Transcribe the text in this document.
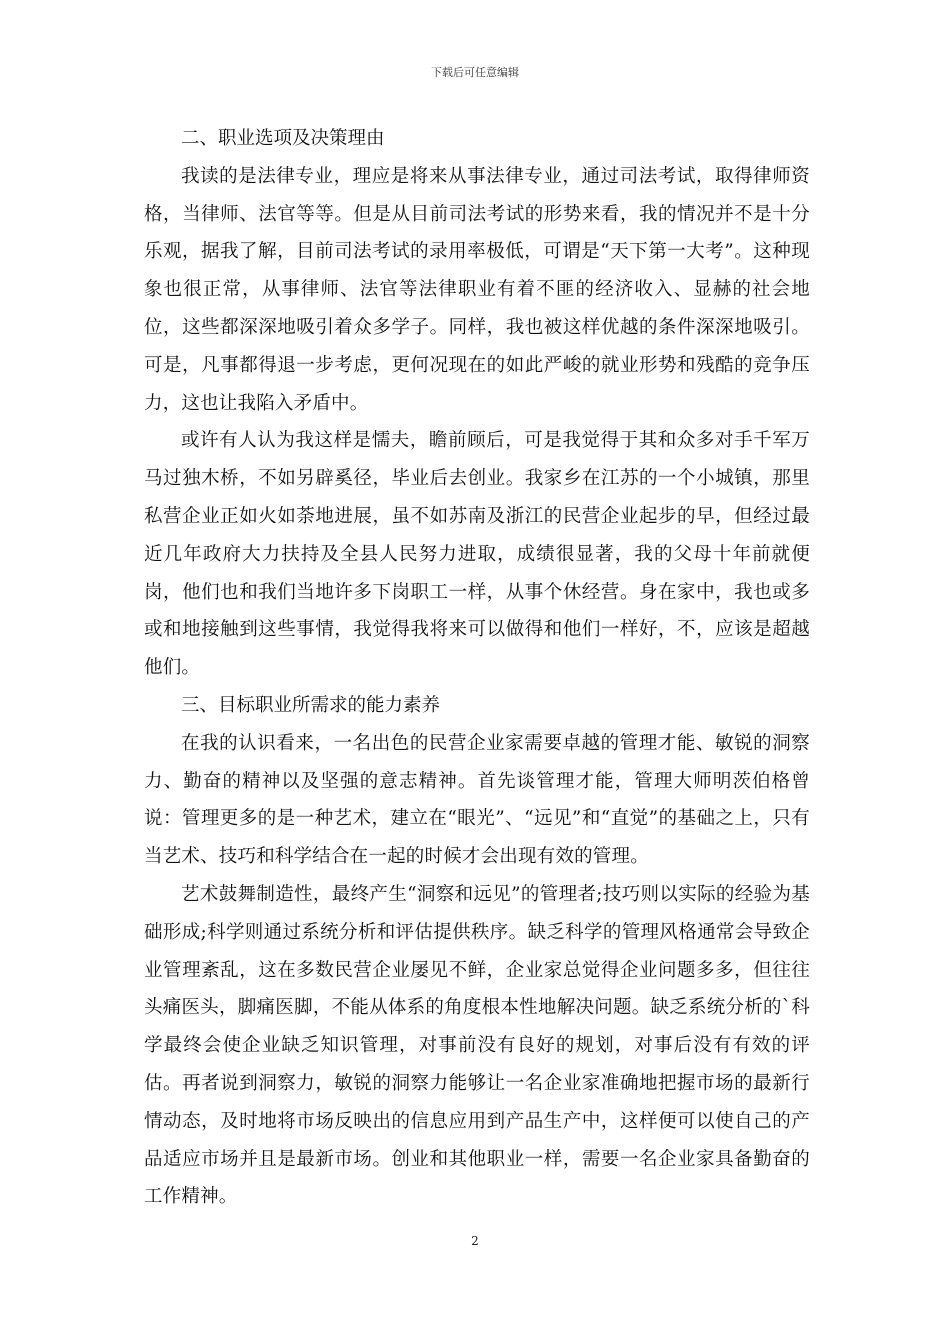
下载后可任意编辑

二、职业选项及决策理由

我读的是法律专业，理应是将来从事法律专业，通过司法考试，取得律师资格，当律师、法官等等。但是从目前司法考试的形势来看，我的情况并不是十分乐观，据我了解，目前司法考试的录用率极低，可谓是“天下第一大考”。这种现象也很正常，从事律师、法官等法律职业有着不匪的经济收入、显赫的社会地位，这些都深深地吸引着众多学子。同样，我也被这样优越的条件深深地吸引。可是，凡事都得退一步考虑，更何况现在的如此严峻的就业形势和残酷的竞争压力，这也让我陷入矛盾中。

或许有人认为我这样是懦夫，瞻前顾后，可是我觉得于其和众多对手千军万马过独木桥，不如另辟奚径，毕业后去创业。我家乡在江苏的一个小城镇，那里私营企业正如火如荼地进展，虽不如苏南及浙江的民营企业起步的早，但经过最近几年政府大力扶持及全县人民努力进取，成绩很显著，我的父母十年前就便岗，他们也和我们当地许多下岗职工一样，从事个休经营。身在家中，我也或多或和地接触到这些事情，我觉得我将来可以做得和他们一样好，不，应该是超越他们。

三、目标职业所需求的能力素养

在我的认识看来，一名出色的民营企业家需要卓越的管理才能、敏锐的洞察力、勤奋的精神以及坚强的意志精神。首先谈管理才能，管理大师明茨伯格曾说：管理更多的是一种艺术，建立在“眼光”、“远见”和“直觉”的基础之上，只有当艺术、技巧和科学结合在一起的时候才会出现有效的管理。

艺术鼓舞制造性，最终产生“洞察和远见”的管理者;技巧则以实际的经验为基础形成;科学则通过系统分析和评估提供秩序。缺乏科学的管理风格通常会导致企业管理紊乱，这在多数民营企业屡见不鲜，企业家总觉得企业问题多多，但往往头痛医头，脚痛医脚，不能从体系的角度根本性地解决问题。缺乏系统分析的`科学最终会使企业缺乏知识管理，对事前没有良好的规划，对事后没有有效的评估。再者说到洞察力，敏锐的洞察力能够让一名企业家准确地把握市场的最新行情动态，及时地将市场反映出的信息应用到产品生产中，这样便可以使自己的产品适应市场并且是最新市场。创业和其他职业一样，需要一名企业家具备勤奋的工作精神。

2
